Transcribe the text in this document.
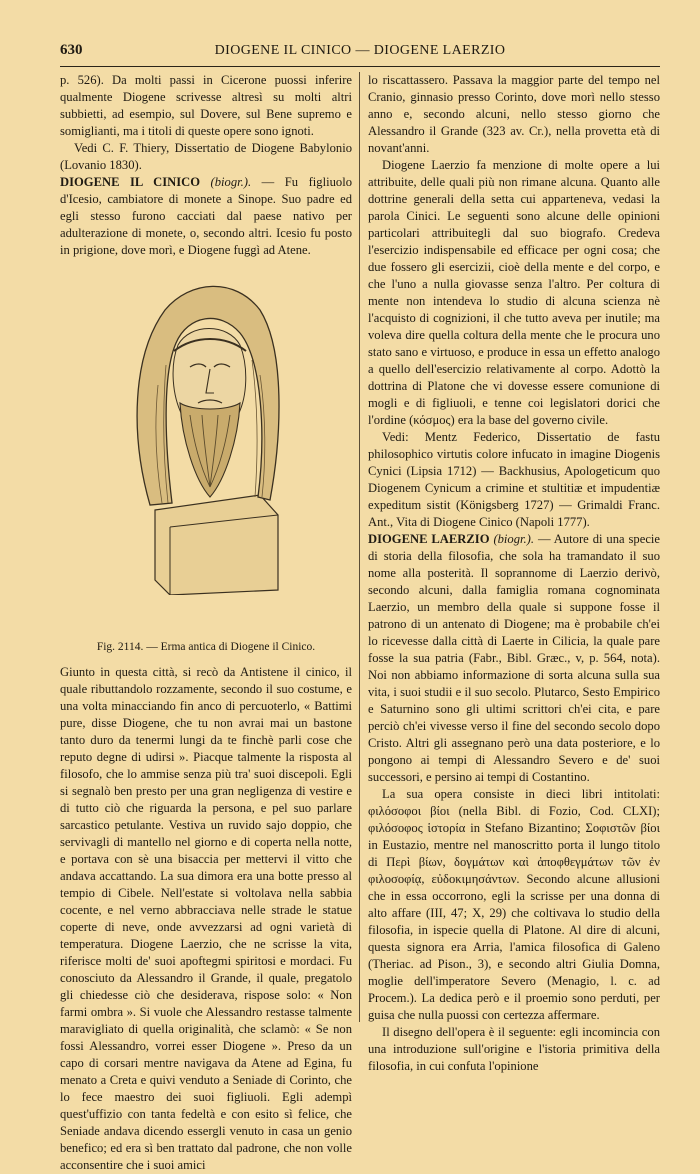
630	DIOGENE IL CINICO — DIOGENE LAERZIO

p. 526). Da molti passi in Cicerone puossi inferire qualmente Diogene scrivesse altresì su molti altri subbietti, ad esempio, sul Dovere, sul Bene supremo e somiglianti, ma i titoli di queste opere sono ignoti.

Vedi C. F. Thiery, Dissertatio de Diogene Babylonio (Lovanio 1830).

DIOGENE IL CINICO (biogr.). — Fu figliuolo d'Icesio, cambiatore di monete a Sinope. Suo padre ed egli stesso furono cacciati dal paese nativo per adulterazione di monete, o, secondo altri. Icesio fu posto in prigione, dove morì, e Diogene fuggì ad Atene.

Fig. 2114. — Erma antica di Diogene il Cinico.

Giunto in questa città, si recò da Antistene il cinico, il quale ributtandolo rozzamente, secondo il suo costume, e una volta minacciando fin anco di percuoterlo, « Battimi pure, disse Diogene, che tu non avrai mai un bastone tanto duro da tenermi lungi da te finchè parli cose che reputo degne di udirsi ». Piacque talmente la risposta al filosofo, che lo ammise senza più tra' suoi discepoli. Egli si segnalò ben presto per una gran negligenza di vestire e di tutto ciò che riguarda la persona, e pel suo parlare sarcastico petulante. Vestiva un ruvido sajo doppio, che servivagli di mantello nel giorno e di coperta nella notte, e portava con sè una bisaccia per mettervi il vitto che andava accattando. La sua dimora era una botte presso al tempio di Cibele. Nell'estate si voltolava nella sabbia cocente, e nel verno abbracciava nelle strade le statue coperte di neve, onde avvezzarsi ad ogni varietà di temperatura. Diogene Laerzio, che ne scrisse la vita, riferisce molti de' suoi apoftegmi spiritosi e mordaci. Fu conosciuto da Alessandro il Grande, il quale, pregatolo gli chiedesse ciò che desiderava, rispose solo: « Non farmi ombra ». Si vuole che Alessandro restasse talmente maravigliato di quella originalità, che sclamò: « Se non fossi Alessandro, vorrei esser Diogene ». Preso da un capo di corsari mentre navigava da Atene ad Egina, fu menato a Creta e quivi venduto a Seniade di Corinto, che lo fece maestro dei suoi figliuoli. Egli adempì quest'uffizio con tanta fedeltà e con esito sì felice, che Seniade andava dicendo essergli venuto in casa un genio benefico; ed era sì ben trattato dal padrone, che non volle acconsentire che i suoi amici

lo riscattassero. Passava la maggior parte del tempo nel Cranio, ginnasio presso Corinto, dove morì nello stesso anno e, secondo alcuni, nello stesso giorno che Alessandro il Grande (323 av. Cr.), nella provetta età di novant'anni.

Diogene Laerzio fa menzione di molte opere a lui attribuite, delle quali più non rimane alcuna. Quanto alle dottrine generali della setta cui apparteneva, vedasi la parola Cinici. Le seguenti sono alcune delle opinioni particolari attribuitegli dal suo biografo. Credeva l'esercizio indispensabile ed efficace per ogni cosa; che due fossero gli esercizii, cioè della mente e del corpo, e che l'uno a nulla giovasse senza l'altro. Per coltura di mente non intendeva lo studio di alcuna scienza nè l'acquisto di cognizioni, il che tutto aveva per inutile; ma voleva dire quella coltura della mente che le procura uno stato sano e virtuoso, e produce in essa un effetto analogo a quello dell'esercizio relativamente al corpo. Adottò la dottrina di Platone che vi dovesse essere comunione di mogli e di figliuoli, e tenne coi legislatori dorici che l'ordine (κόσμος) era la base del governo civile.

Vedi: Mentz Federico, Dissertatio de fastu philosophico virtutis colore infucato in imagine Diogenis Cynici (Lipsia 1712) — Backhusius, Apologeticum quo Diogenem Cynicum a crimine et stultitiæ et impudentiæ expeditum sistit (Königsberg 1727) — Grimaldi Franc. Ant., Vita di Diogene Cinico (Napoli 1777).

DIOGENE LAERZIO (biogr.). — Autore di una specie di storia della filosofia, che sola ha tramandato il suo nome alla posterità. Il soprannome di Laerzio derivò, secondo alcuni, dalla famiglia romana cognominata Laerzio, un membro della quale si suppone fosse il patrono di un antenato di Diogene; ma è probabile ch'ei lo ricevesse dalla città di Laerte in Cilicia, la quale pare fosse la sua patria (Fabr., Bibl. Græc., v, p. 564, nota). Noi non abbiamo informazione di sorta alcuna sulla sua vita, i suoi studii e il suo secolo. Plutarco, Sesto Empirico e Saturnino sono gli ultimi scrittori ch'ei cita, e pare perciò ch'ei vivesse verso il fine del secondo secolo dopo Cristo. Altri gli assegnano però una data posteriore, e lo pongono ai tempi di Alessandro Severo e de' suoi successori, e persino ai tempi di Costantino.

La sua opera consiste in dieci libri intitolati: φιλόσοφοι βίοι (nella Bibl. di Fozio, Cod. CLXI); φιλόσοφος ἱστορία in Stefano Bizantino; Σοφιστῶν βίοι in Eustazio, mentre nel manoscritto porta il lungo titolo di Περὶ βίων, δογμάτων καὶ ἀποφθεγμάτων τῶν ἐν φιλοσοφίᾳ, εὐδοκιμησάντων. Secondo alcune allusioni che in essa occorrono, egli la scrisse per una donna di alto affare (III, 47; X, 29) che coltivava lo studio della filosofia, in ispecie quella di Platone. Al dire di alcuni, questa signora era Arria, l'amica filosofica di Galeno (Theriac. ad Pison., 3), e secondo altri Giulia Domna, moglie dell'imperatore Severo (Menagio, l. c. ad Procem.). La dedica però e il proemio sono perduti, per guisa che nulla puossi con certezza affermare.

Il disegno dell'opera è il seguente: egli incomincia con una introduzione sull'origine e l'istoria primitiva della filosofia, in cui confuta l'opinione
